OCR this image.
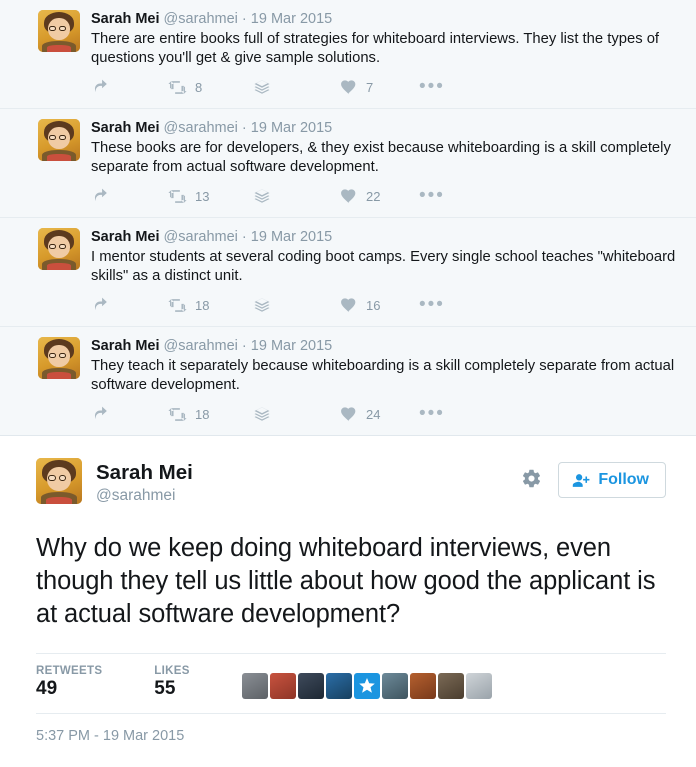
Sarah Mei @sarahmei · 19 Mar 2015
There are entire books full of strategies for whiteboard interviews. They list the types of questions you'll get & give sample solutions.
8	7 •••
Sarah Mei @sarahmei · 19 Mar 2015
These books are for developers, & they exist because whiteboarding is a skill completely separate from actual software development.
13	22 •••
Sarah Mei @sarahmei · 19 Mar 2015
I mentor students at several coding boot camps. Every single school teaches "whiteboard skills" as a distinct unit.
18	16 •••
Sarah Mei @sarahmei · 19 Mar 2015
They teach it separately because whiteboarding is a skill completely separate from actual software development.
18	24 •••
Sarah Mei
@sarahmei
Follow
Why do we keep doing whiteboard interviews, even though they tell us little about how good the applicant is at actual software development?
RETWEETS
49
LIKES
55
5:37 PM - 19 Mar 2015
